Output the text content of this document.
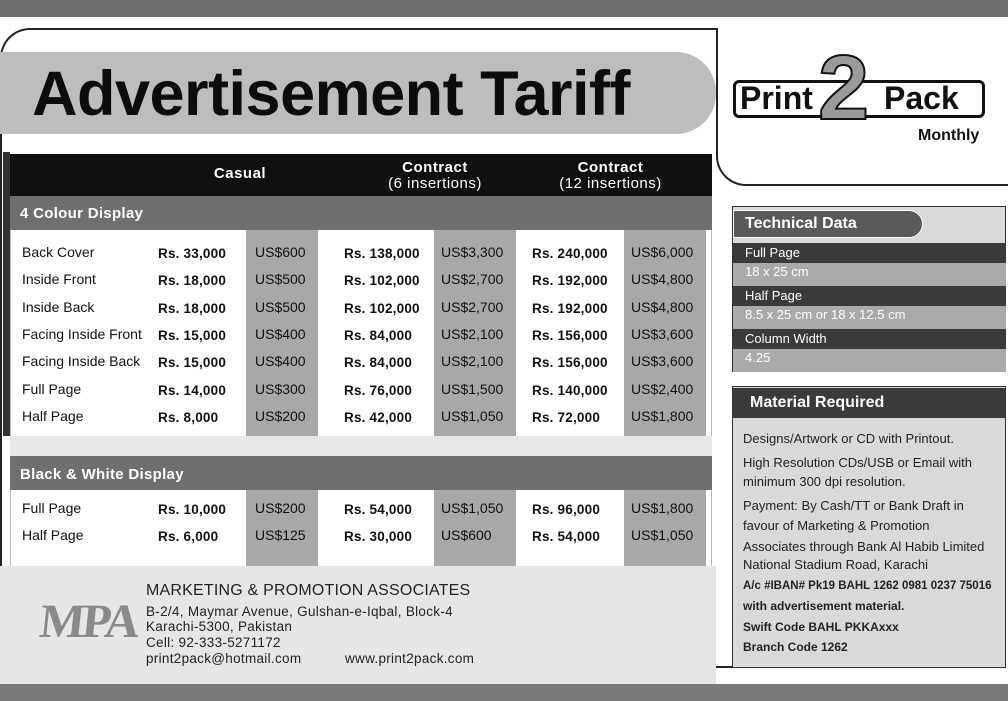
Advertisement Tariff	Print Pack
2	Monthly
Casual	Contract
(6 insertions)
Contract
(12 insertions)
4 Colour Display
Back Cover	Rs. 33,000 US$600	Rs. 138,000 US$3,300 Rs. 240,000 US$6,000
Inside Front	Rs. 18,000 US$500	Rs. 102,000 US$2,700 Rs. 192,000 US$4,800
Inside Back	Rs. 18,000 US$500	Rs. 102,000 US$2,700 Rs. 192,000 US$4,800
Facing Inside Front Rs. 15,000 US$400	Rs. 84,000 US$2,100 Rs. 156,000 US$3,600
Facing Inside Back Rs. 15,000 US$400	Rs. 84,000 US$2,100 Rs. 156,000 US$3,600
Full Page	Rs. 14,000 US$300	Rs. 76,000 US$1,500 Rs. 140,000 US$2,400
Half Page	Rs. 8,000	US$200	Rs. 42,000 US$1,050 Rs. 72,000 US$1,800
Black & White Display
Full Page	Rs. 10,000 US$200	Rs. 54,000 US$1,050 Rs. 96,000 US$1,800
Half Page	Rs. 6,000	US$125	Rs. 30,000 US$600	Rs. 54,000 US$1,050
MPA
MARKETING & PROMOTION ASSOCIATES
B-2/4, Maymar Avenue, Gulshan-e-Iqbal, Block-4
Karachi-5300, Pakistan
Cell: 92-333-5271172
print2pack@hotmail.com	www.print2pack.com
Technical Data
Full Page
18 x 25 cm
Half Page
8.5 x 25 cm or 18 x 12.5 cm
Column Width
4.25
Material Required
Designs/Artwork or CD with Printout.
High Resolution CDs/USB or Email with
minimum 300 dpi resolution.
Payment: By Cash/TT or Bank Draft in
favour of Marketing & Promotion
Associates through Bank Al Habib Limited
National Stadium Road, Karachi
A/c #IBAN# Pk19 BAHL 1262 0981 0237 75016
with advertisement material.
Swift Code BAHL PKKAxxx
Branch Code 1262
